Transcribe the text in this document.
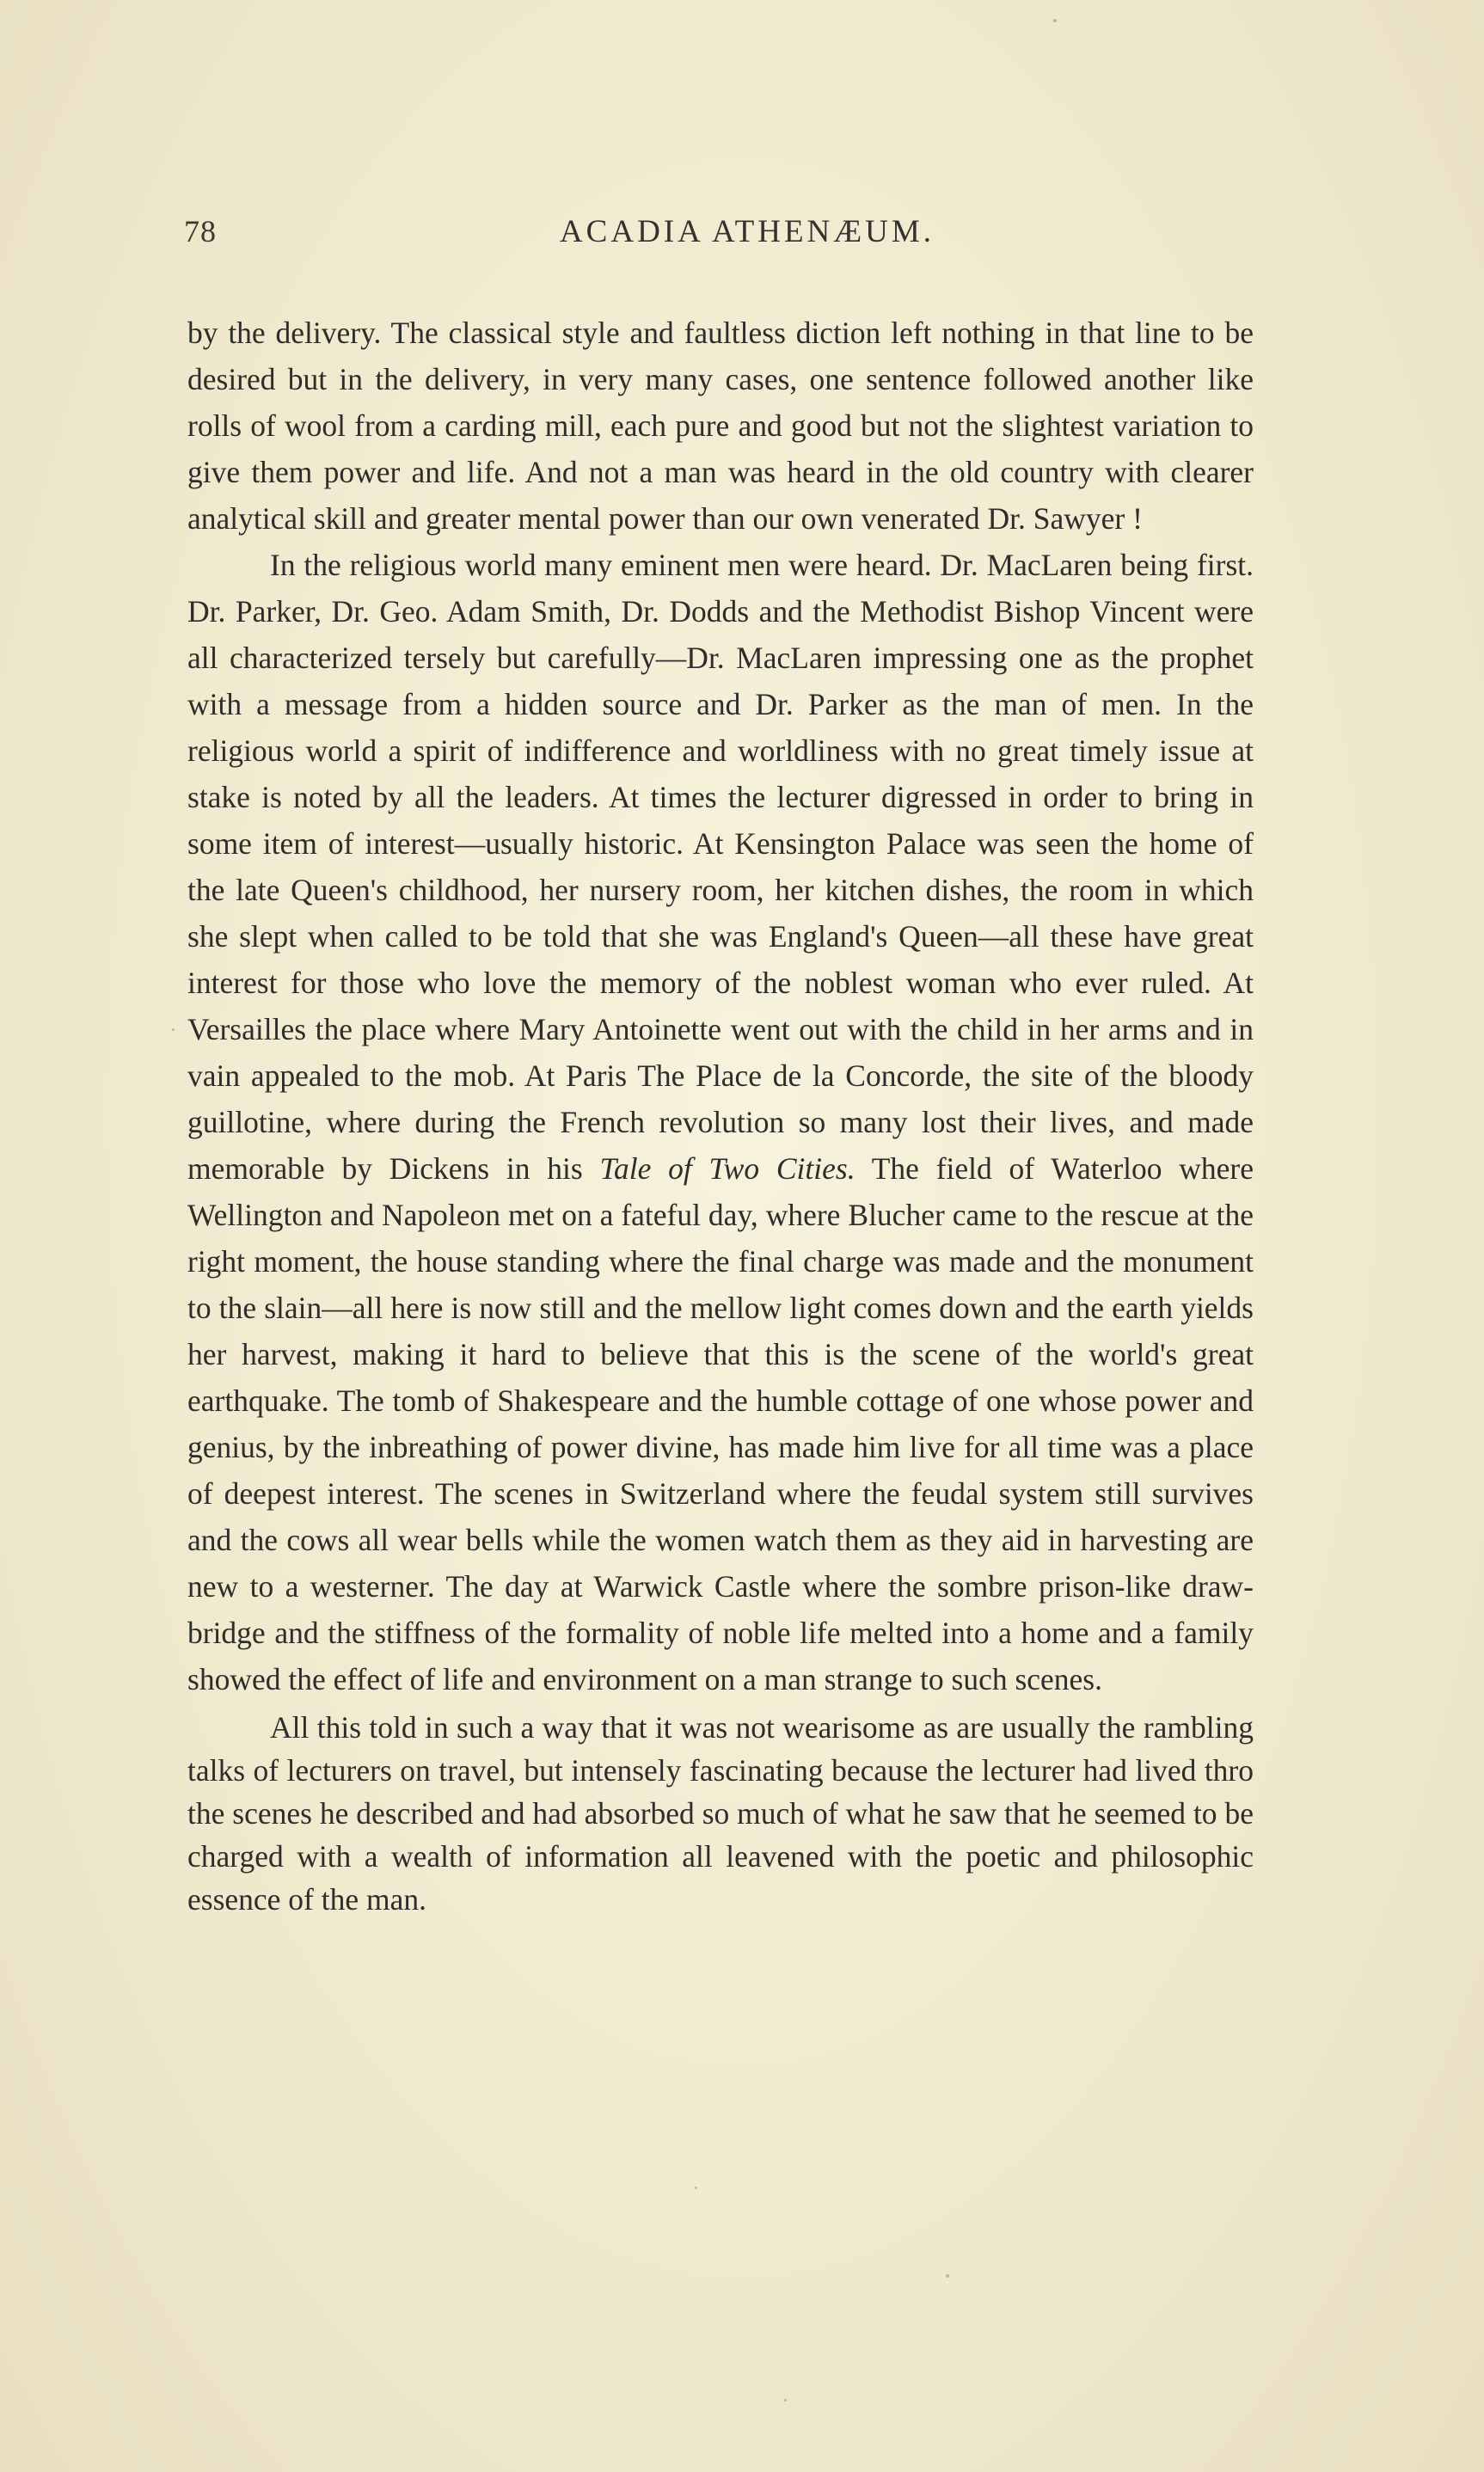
78	ACADIA ATHENÆUM.

by the delivery. The classical style and faultless diction left nothing in that line to be desired but in the delivery, in very many cases, one sentence followed another like rolls of wool from a carding mill, each pure and good but not the slightest variation to give them power and life. And not a man was heard in the old country with clearer analytical skill and greater mental power than our own venerated Dr. Sawyer !

In the religious world many eminent men were heard. Dr. MacLaren being first. Dr. Parker, Dr. Geo. Adam Smith, Dr. Dodds and the Methodist Bishop Vincent were all characterized tersely but carefully—Dr. MacLaren impressing one as the prophet with a message from a hidden source and Dr. Parker as the man of men. In the religious world a spirit of indifference and worldliness with no great timely issue at stake is noted by all the leaders. At times the lecturer digressed in order to bring in some item of interest—usually historic. At Kensington Palace was seen the home of the late Queen's childhood, her nursery room, her kitchen dishes, the room in which she slept when called to be told that she was England's Queen—all these have great interest for those who love the memory of the noblest woman who ever ruled. At Versailles the place where Mary Antoinette went out with the child in her arms and in vain appealed to the mob. At Paris The Place de la Concorde, the site of the bloody guillotine, where during the French revolution so many lost their lives, and made memorable by Dickens in his Tale of Two Cities. The field of Waterloo where Wellington and Napoleon met on a fateful day, where Blucher came to the rescue at the right moment, the house standing where the final charge was made and the monument to the slain—all here is now still and the mellow light comes down and the earth yields her harvest, making it hard to believe that this is the scene of the world's great earthquake. The tomb of Shakespeare and the humble cottage of one whose power and genius, by the inbreathing of power divine, has made him live for all time was a place of deepest interest. The scenes in Switzerland where the feudal system still survives and the cows all wear bells while the women watch them as they aid in harvesting are new to a westerner. The day at Warwick Castle where the sombre prison-like draw-bridge and the stiffness of the formality of noble life melted into a home and a family showed the effect of life and environment on a man strange to such scenes.

All this told in such a way that it was not wearisome as are usually the rambling talks of lecturers on travel, but intensely fascinating because the lecturer had lived thro the scenes he described and had absorbed so much of what he saw that he seemed to be charged with a wealth of information all leavened with the poetic and philosophic essence of the man.
